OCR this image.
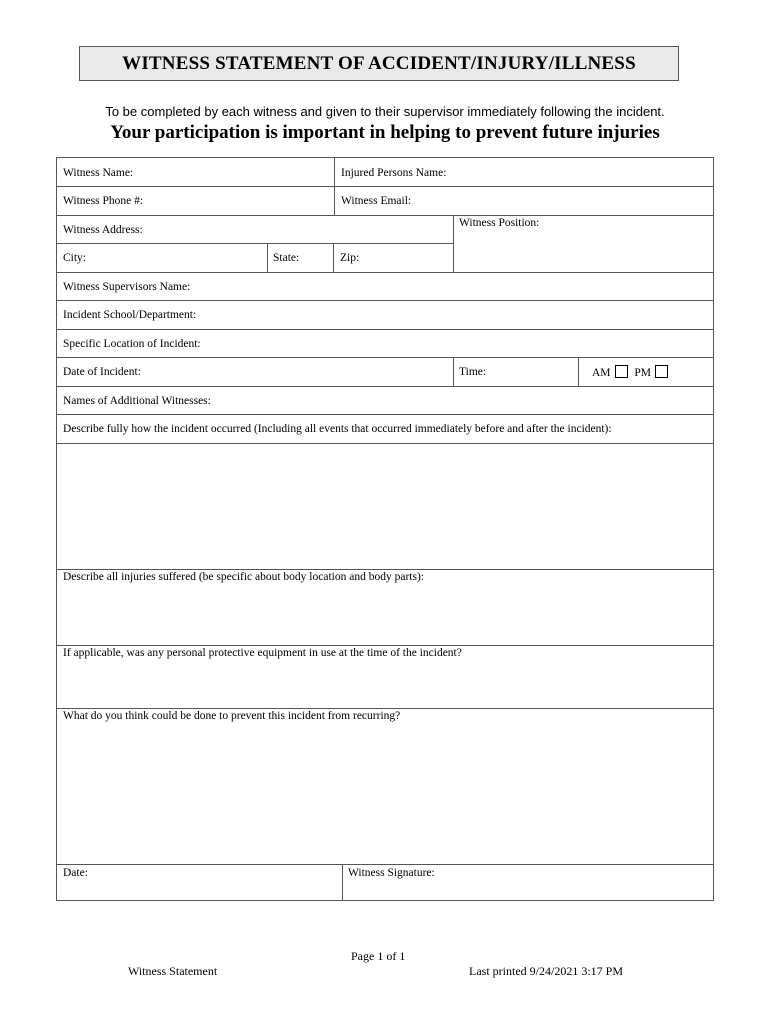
WITNESS STATEMENT OF ACCIDENT/INJURY/ILLNESS
To be completed by each witness and given to their supervisor immediately following the incident.
Your participation is important in helping to prevent future injuries
Witness Name:	Injured Persons Name:
Witness Phone #:	Witness Email:
Witness Address:
Witness Position:
City:	State:	Zip:
Witness Supervisors Name:
Incident School/Department:
Specific Location of Incident:
Date of Incident:	Time:	AM PM
Names of Additional Witnesses:
Describe fully how the incident occurred (Including all events that occurred immediately before and after the incident):
Describe all injuries suffered (be specific about body location and body parts):
If applicable, was any personal protective equipment in use at the time of the incident?
What do you think could be done to prevent this incident from recurring?
Date:	Witness Signature:
Page 1 of 1
Witness Statement	Last printed 9/24/2021 3:17 PM
